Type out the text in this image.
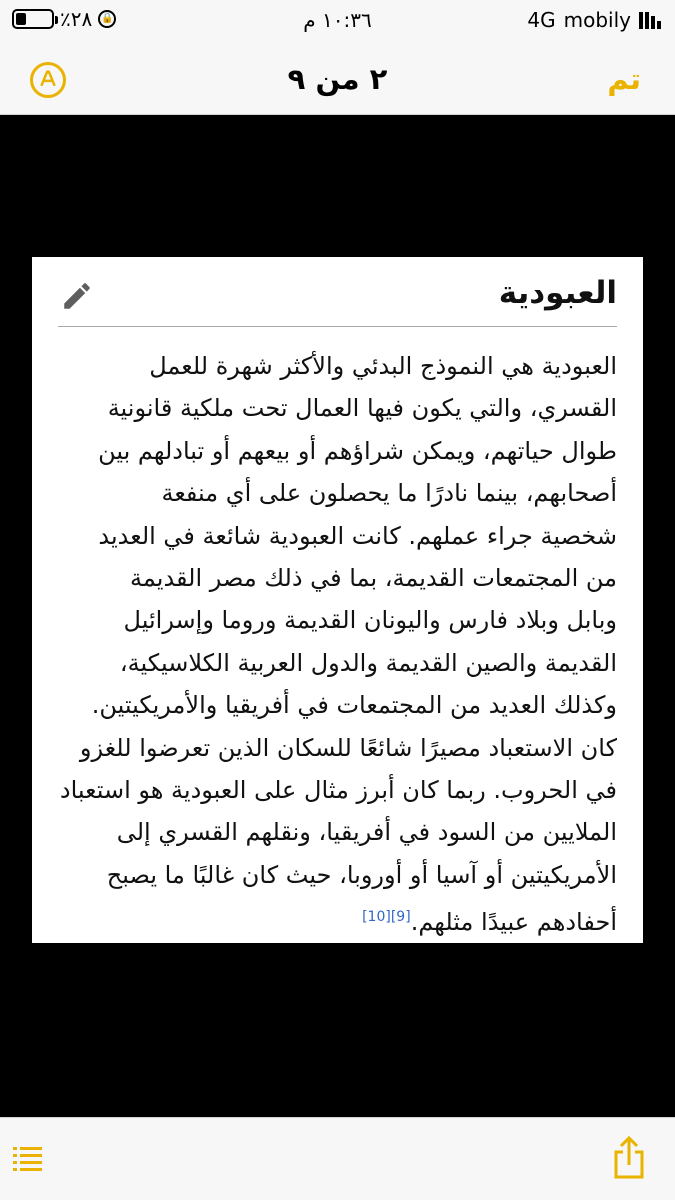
٪٢٨ 🔒	١٠:٣٦ م	4G mobily
٢ من ٩	تم
العبودية
العبودية هي النموذج البدئي والأكثر شهرة للعمل
القسري، والتي يكون فيها العمال تحت ملكية قانونية
طوال حياتهم، ويمكن شراؤهم أو بيعهم أو تبادلهم بين
أصحابهم، بينما نادرًا ما يحصلون على أي منفعة
شخصية جراء عملهم. كانت العبودية شائعة في العديد
من المجتمعات القديمة، بما في ذلك مصر القديمة
وبابل وبلاد فارس واليونان القديمة وروما وإسرائيل
القديمة والصين القديمة والدول العربية الكلاسيكية،
وكذلك العديد من المجتمعات في أفريقيا والأمريكيتين.
كان الاستعباد مصيرًا شائعًا للسكان الذين تعرضوا للغزو
في الحروب. ربما كان أبرز مثال على العبودية هو استعباد
الملايين من السود في أفريقيا، ونقلهم القسري إلى
الأمريكيتين أو آسيا أو أوروبا، حيث كان غالبًا ما يصبح
أحفادهم عبيدًا مثلهم.[9][10]
